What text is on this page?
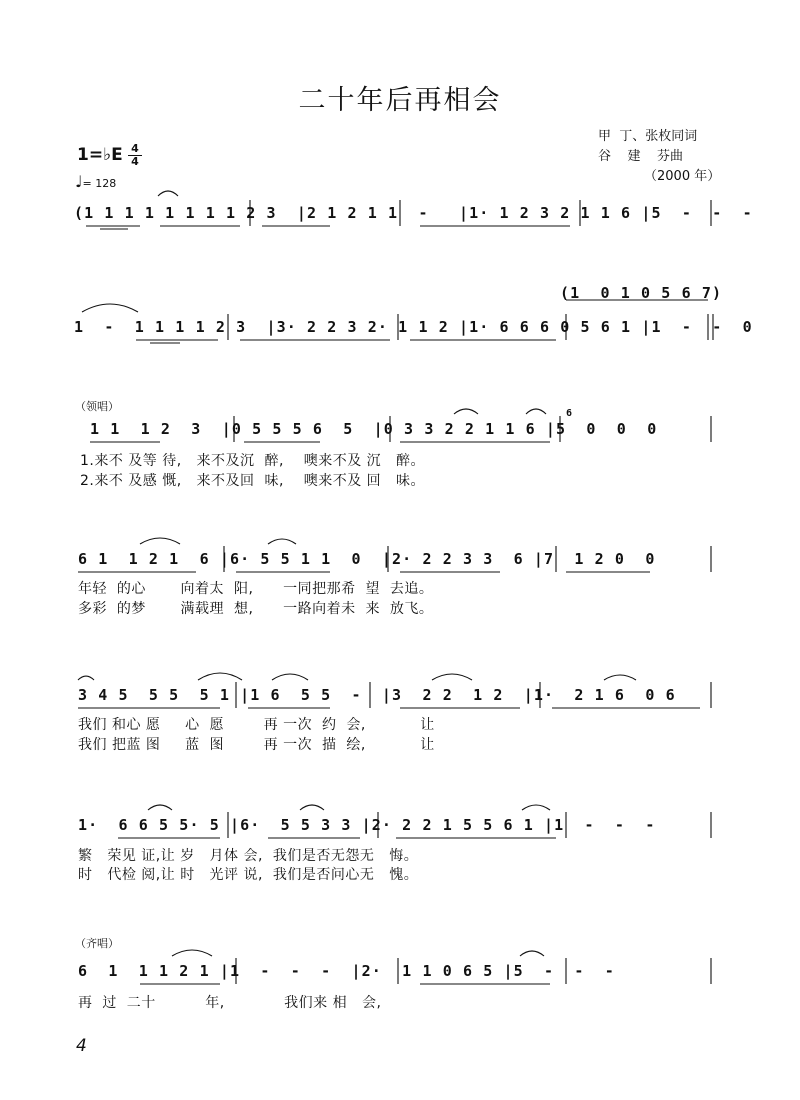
二十年后再相会
甲  丁、张枚同词
谷    建    芬曲
（2000 年）
1=♭E 4
4
♩= 128
(1 1 1 1 1 1 1 1 2 3  |2 1 2 1 1  -   |1· 1 2 3 2 1 1 6 |5  -  -  -
(1  0 1 0 5 6 7)
1  -  1 1 1 1 2 3  |3· 2 2 3 2· 1 1 2 |1· 6 6 6 0 5 6 1 |1  -  -  0
（领唱）
6
1 1  1 2  3  |0 5 5 5 6  5  |0 3 3 2 2 1 1 6 |5  0  0  0
1.来不 及等 待,   来不及沉  醉,    噢来不及 沉   醉。
2.来不 及感 慨,   来不及回  味,    噢来不及 回   味。
6 1  1 2 1  6 |6· 5 5 1 1  0  |2· 2 2 3 3  6 |7  1 2 0  0
年轻  的心       向着太  阳,      一同把那希  望  去追。
多彩  的梦       满载理  想,      一路向着未  来  放飞。
3 4 5  5 5  5 1 |1 6  5 5  -  |3  2 2  1 2  |1·  2 1 6  0 6
我们 和心 愿     心  愿        再 一次  约  会,           让
我们 把蓝 图     蓝  图        再 一次  描  绘,           让
1·  6 6 5 5· 5 |6·  5 5 3 3 |2· 2 2 1 5 5 6 1 |1  -  -  -
繁   荣见 证,让 岁   月体 会,  我们是否无怨无   悔。
时   代检 阅,让 时   光评 说,  我们是否问心无   愧。
（齐唱）
6  1  1 1 2 1 |1  -  -  -  |2·  1 1 0 6 5 |5  -  -  -
再  过  二十          年,            我们来 相   会,
4
